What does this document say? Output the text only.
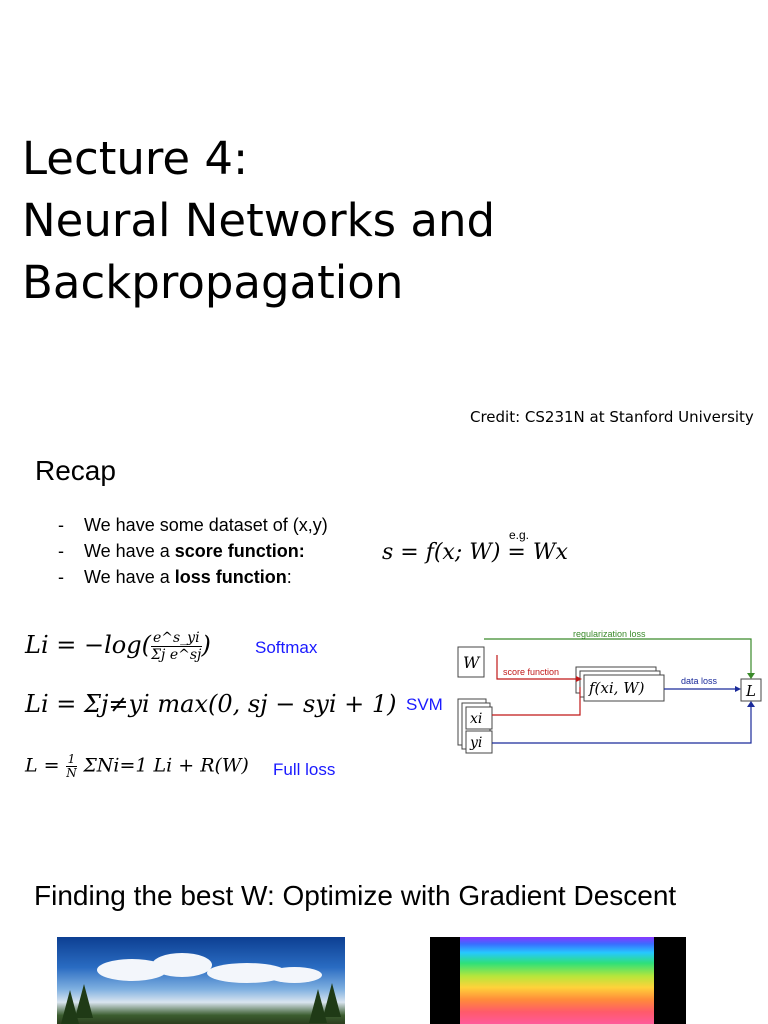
Lecture 4:
Neural Networks and
Backpropagation
Credit: CS231N at Stanford University
Recap
- We have some dataset of (x,y)
- We have a score function:
- We have a loss function:
e.g.
s = f(x; W) = Wx
$Li = -\log( \frac{e\^{}s\_yi}{\text{Σj e\textasciicircum{}sj}}$ )	Softmax
Li = Σj≠yi max(0, sj − syi + 1) SVM
$L = \frac{1}{N} \Sigma Ni=1$ Li + R(W) Full loss
W
xi
yi
f(xi, W)	L
regularization loss
score function
data loss
Finding the best W: Optimize with Gradient Descent
